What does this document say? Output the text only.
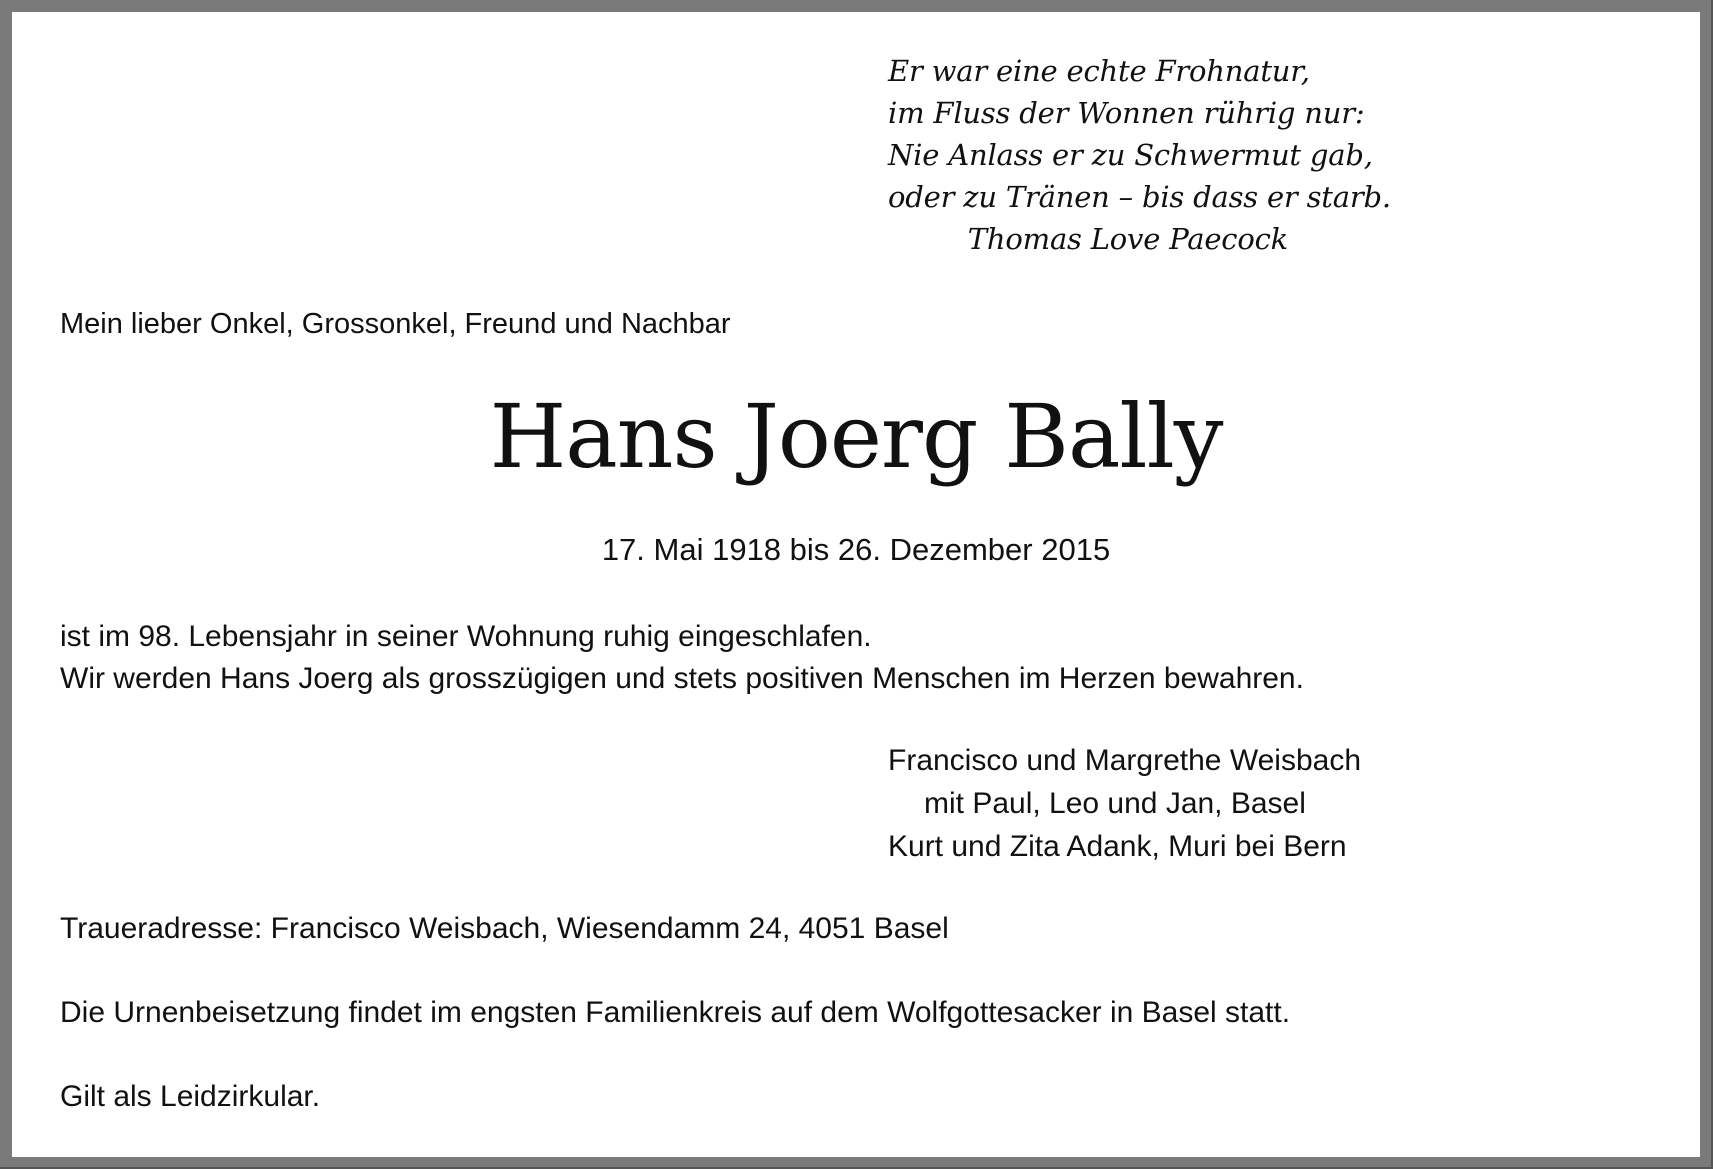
Er war eine echte Frohnatur,
im Fluss der Wonnen rührig nur:
Nie Anlass er zu Schwermut gab,
oder zu Tränen – bis dass er starb.
Thomas Love Paecock
Mein lieber Onkel, Grossonkel, Freund und Nachbar
Hans Joerg Bally
17. Mai 1918 bis 26. Dezember 2015
ist im 98. Lebensjahr in seiner Wohnung ruhig eingeschlafen.
Wir werden Hans Joerg als grosszügigen und stets positiven Menschen im Herzen bewahren.
Francisco und Margrethe Weisbach
mit Paul, Leo und Jan, Basel
Kurt und Zita Adank, Muri bei Bern
Traueradresse: Francisco Weisbach, Wiesendamm 24, 4051 Basel
Die Urnenbeisetzung findet im engsten Familienkreis auf dem Wolfgottesacker in Basel statt.
Gilt als Leidzirkular.
